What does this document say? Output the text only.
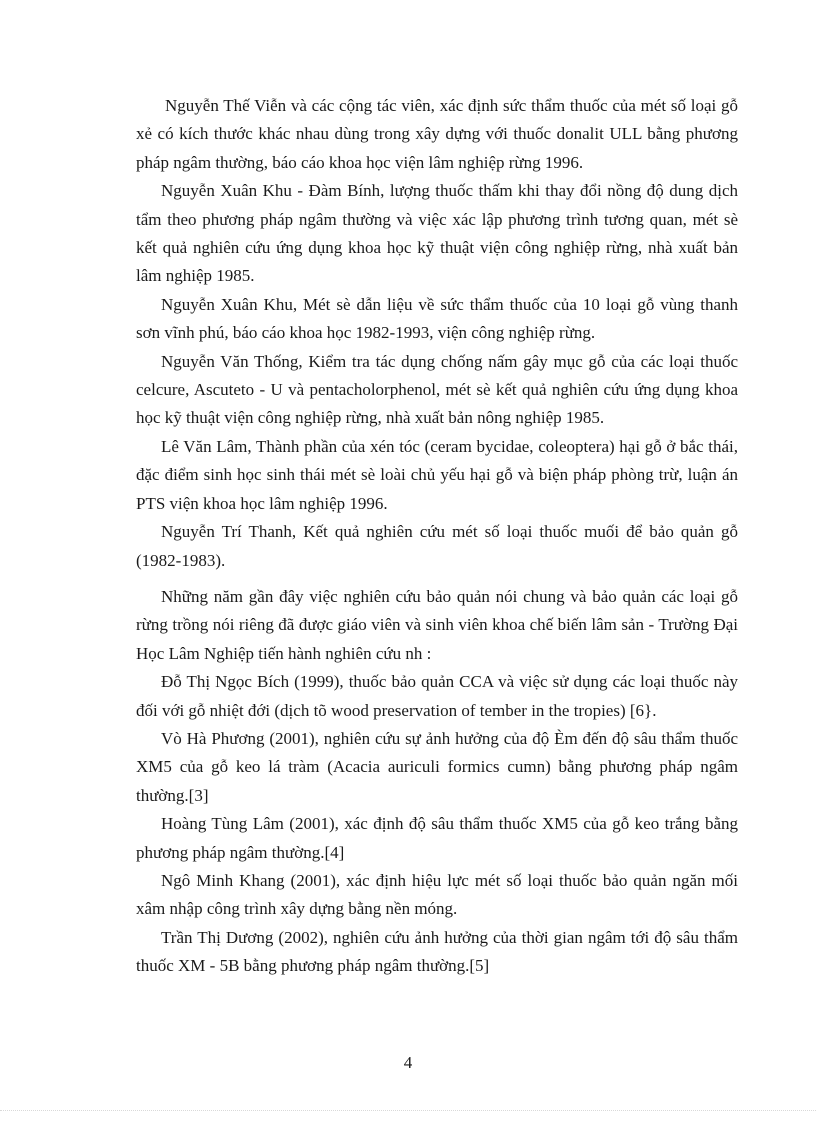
Nguyễn Thế Viễn và các cộng tác viên, xác định sức thẩm thuốc của mét số loại gỗ xẻ có kích thước khác nhau dùng trong xây dựng với thuốc donalit ULL bằng phương pháp ngâm thường, báo cáo khoa học viện lâm nghiệp rừng 1996.

Nguyễn Xuân Khu - Đàm Bính, lượng thuốc thấm khi thay đổi nồng độ dung dịch tẩm theo phương pháp ngâm thường và việc xác lập phương trình tương quan, mét sè kết quả nghiên cứu ứng dụng khoa học kỹ thuật viện công nghiệp rừng, nhà xuất bản lâm nghiệp 1985.

Nguyễn Xuân Khu, Mét sè dẫn liệu về sức thẩm thuốc của 10 loại gỗ vùng thanh sơn vĩnh phú, báo cáo khoa học 1982-1993, viện công nghiệp rừng.

Nguyễn Văn Thống, Kiểm tra tác dụng chống nấm gây mục gỗ của các loại thuốc celcure, Ascuteto - U và pentacholorphenol, mét sè kết quả nghiên cứu ứng dụng khoa học kỹ thuật viện công nghiệp rừng, nhà xuất bản nông nghiệp 1985.

Lê Văn Lâm, Thành phần của xén tóc (ceram bycidae, coleoptera) hại gỗ ở bắc thái, đặc điểm sinh học sinh thái mét sè loài chủ yếu hại gỗ và biện pháp phòng trừ, luận án PTS viện khoa học lâm nghiệp 1996.

Nguyễn Trí Thanh, Kết quả nghiên cứu mét số loại thuốc muối để bảo quản gỗ (1982-1983).

Những năm gần đây việc nghiên cứu bảo quản nói chung và bảo quản các loại gỗ rừng trồng nói riêng đã được giáo viên và sinh viên khoa chế biến lâm sản - Trường Đại Học Lâm Nghiệp tiến hành nghiên cứu nh :

Đỗ Thị Ngọc Bích (1999), thuốc bảo quản CCA và việc sử dụng các loại thuốc này đối với gỗ nhiệt đới (dịch tõ wood preservation of tember in the tropies) [6}.

Vò Hà Phương (2001), nghiên cứu sự ảnh hưởng của độ Èm đến độ sâu thẩm thuốc XM5 của gỗ keo lá tràm (Acacia auriculi formics cumn) bằng phương pháp ngâm thường.[3]

Hoàng Tùng Lâm (2001), xác định độ sâu thẩm thuốc XM5 của gỗ keo trắng bằng phương pháp ngâm thường.[4]

Ngô Minh Khang (2001), xác định hiệu lực mét số loại thuốc bảo quản ngăn mối xâm nhập công trình xây dựng bằng nền móng.

Trần Thị Dương (2002), nghiên cứu ảnh hưởng của thời gian ngâm tới độ sâu thẩm thuốc XM - 5B bằng phương pháp ngâm thường.[5]

4
